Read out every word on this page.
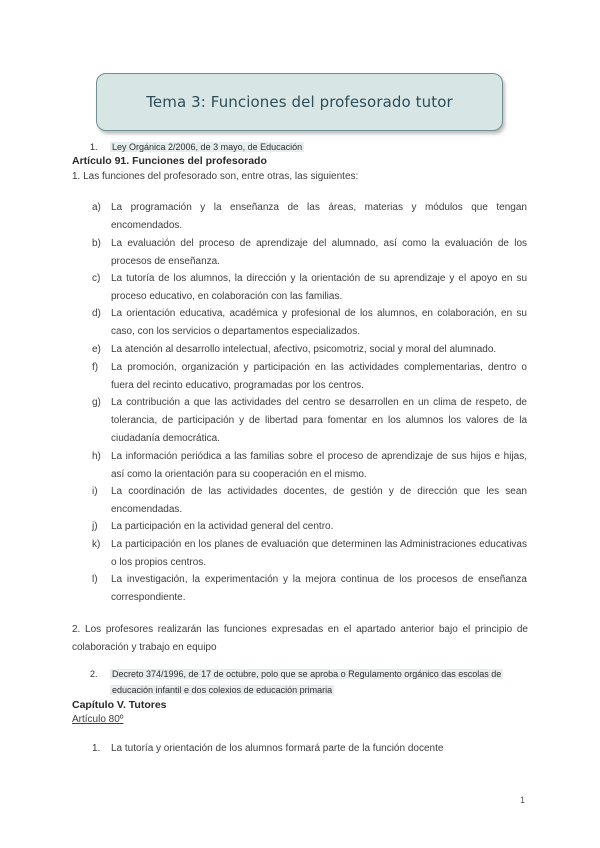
Tema 3: Funciones del profesorado tutor
1. Ley Orgánica 2/2006, de 3 mayo, de Educación
Artículo 91. Funciones del profesorado
1. Las funciones del profesorado son, entre otras, las siguientes:
a) La programación y la enseñanza de las áreas, materias y módulos que tengan encomendados.
b) La evaluación del proceso de aprendizaje del alumnado, así como la evaluación de los procesos de enseñanza.
c) La tutoría de los alumnos, la dirección y la orientación de su aprendizaje y el apoyo en su proceso educativo, en colaboración con las familias.
d) La orientación educativa, académica y profesional de los alumnos, en colaboración, en su caso, con los servicios o departamentos especializados.
e) La atención al desarrollo intelectual, afectivo, psicomotriz, social y moral del alumnado.
f) La promoción, organización y participación en las actividades complementarias, dentro o fuera del recinto educativo, programadas por los centros.
g) La contribución a que las actividades del centro se desarrollen en un clima de respeto, de tolerancia, de participación y de libertad para fomentar en los alumnos los valores de la ciudadanía democrática.
h) La información periódica a las familias sobre el proceso de aprendizaje de sus hijos e hijas, así como la orientación para su cooperación en el mismo.
i) La coordinación de las actividades docentes, de gestión y de dirección que les sean encomendadas.
j) La participación en la actividad general del centro.
k) La participación en los planes de evaluación que determinen las Administraciones educativas o los propios centros.
l) La investigación, la experimentación y la mejora continua de los procesos de enseñanza correspondiente.
2. Los profesores realizarán las funciones expresadas en el apartado anterior bajo el principio de colaboración y trabajo en equipo
2. Decreto 374/1996, de 17 de octubre, polo que se aproba o Regulamento orgánico das escolas de
educación infantil e dos colexios de educación primaria
Capítulo V. Tutores
Artículo 80º
1. La tutoría y orientación de los alumnos formará parte de la función docente
1
